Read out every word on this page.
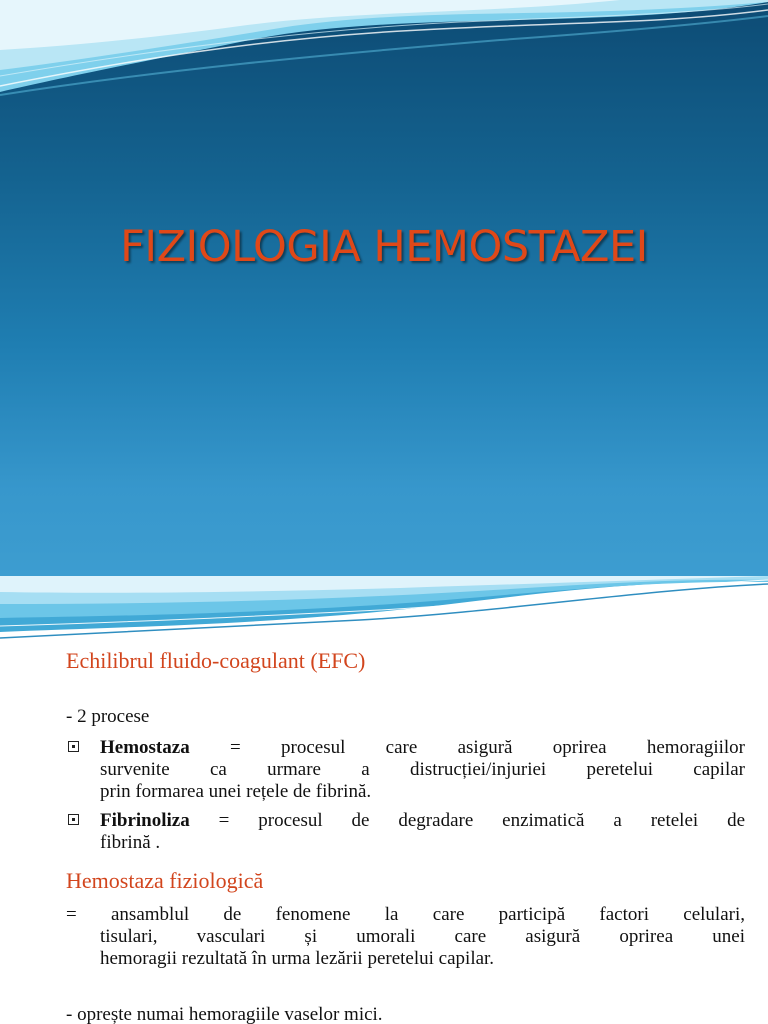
FIZIOLOGIA HEMOSTAZEI
Echilibrul fluido-coagulant (EFC)
- 2 procese
Hemostaza = procesul care asigură oprirea hemoragiilor
survenite ca urmare a distrucției/injuriei peretelui capilar
prin formarea unei rețele de fibrină.
Fibrinoliza = procesul de degradare enzimatică a retelei de
fibrină .
Hemostaza fiziologică
= ansamblul de fenomene la care participă factori celulari,
tisulari, vasculari și umorali care asigură oprirea unei
hemoragii rezultată în urma lezării peretelui capilar.
- oprește numai hemoragiile vaselor mici.
